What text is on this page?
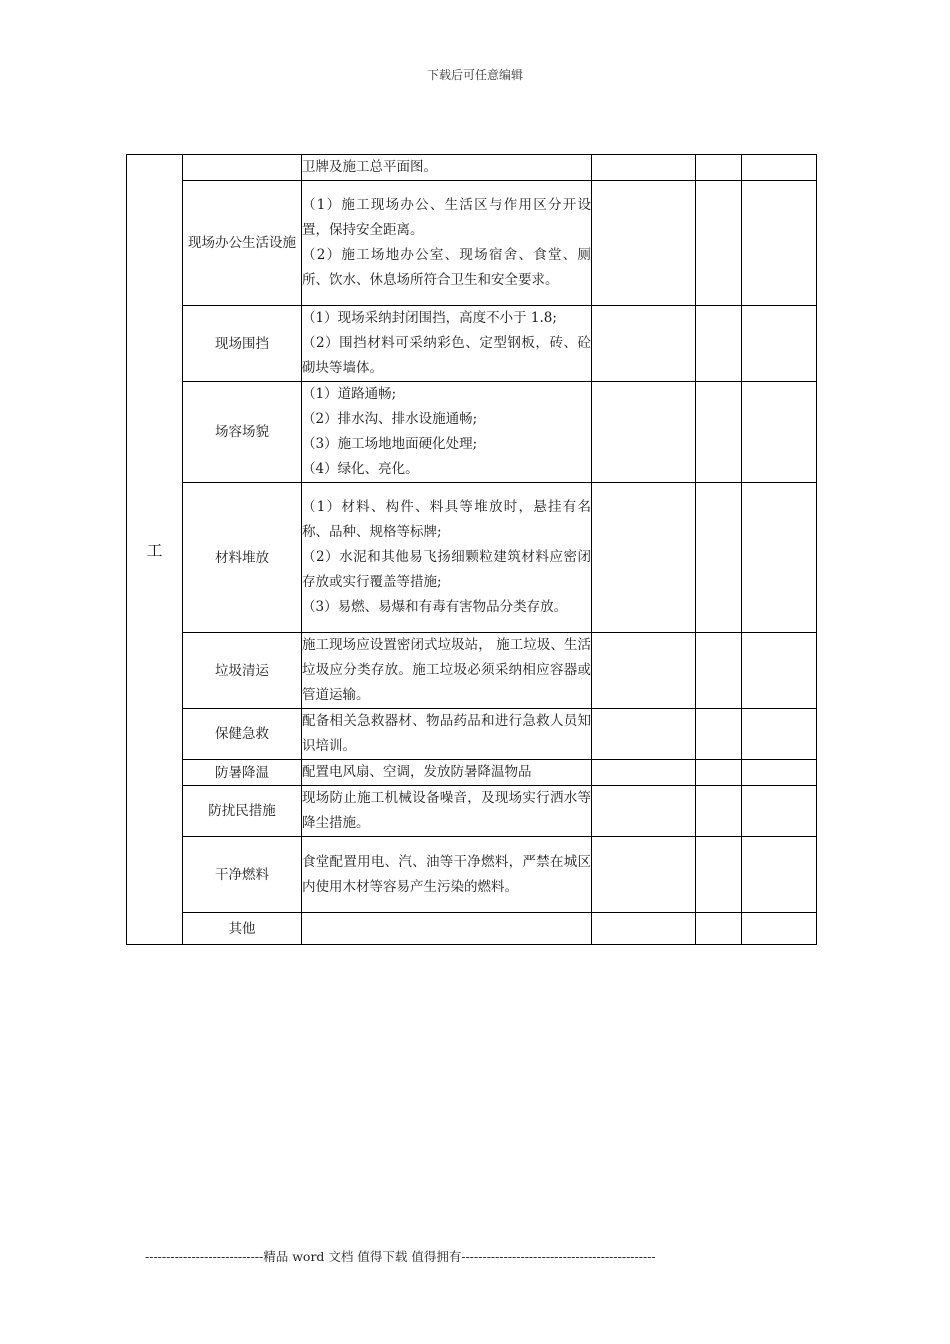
下载后可任意编辑
工		卫牌及施工总平面图。			

	现场办公生活设施	（1）施工现场办公、生活区与作用区分开设置，保持安全距离。
（2）施工场地办公室、现场宿舍、食堂、厕所、饮水、休息场所符合卫生和安全要求。			

	现场围挡	（1）现场采纳封闭围挡，高度不小于 1.8;
（2）围挡材料可采纳彩色、定型钢板，砖、砼砌块等墙体。			

	场容场貌	（1）道路通畅;
（2）排水沟、排水设施通畅;
（3）施工场地地面硬化处理;
（4）绿化、亮化。			

	材料堆放	（1）材料、构件、料具等堆放时，悬挂有名称、品种、规格等标牌;
（2）水泥和其他易飞扬细颗粒建筑材料应密闭存放或实行覆盖等措施;
（3）易燃、易爆和有毒有害物品分类存放。			

	垃圾清运	施工现场应设置密闭式垃圾站， 施工垃圾、生活垃圾应分类存放。施工垃圾必须采纳相应容器或管道运输。			

	保健急救	配备相关急救器材、物品药品和进行急救人员知识培训。			

	防暑降温	配置电风扇、空调，发放防暑降温物品			

	防扰民措施	现场防止施工机械设备噪音，及现场实行洒水等降尘措施。			

	干净燃料	食堂配置用电、汽、油等干净燃料，严禁在城区内使用木材等容易产生污染的燃料。			

	其他				
----------------------------精品 word 文档 值得下载 值得拥有----------------------------------------------
